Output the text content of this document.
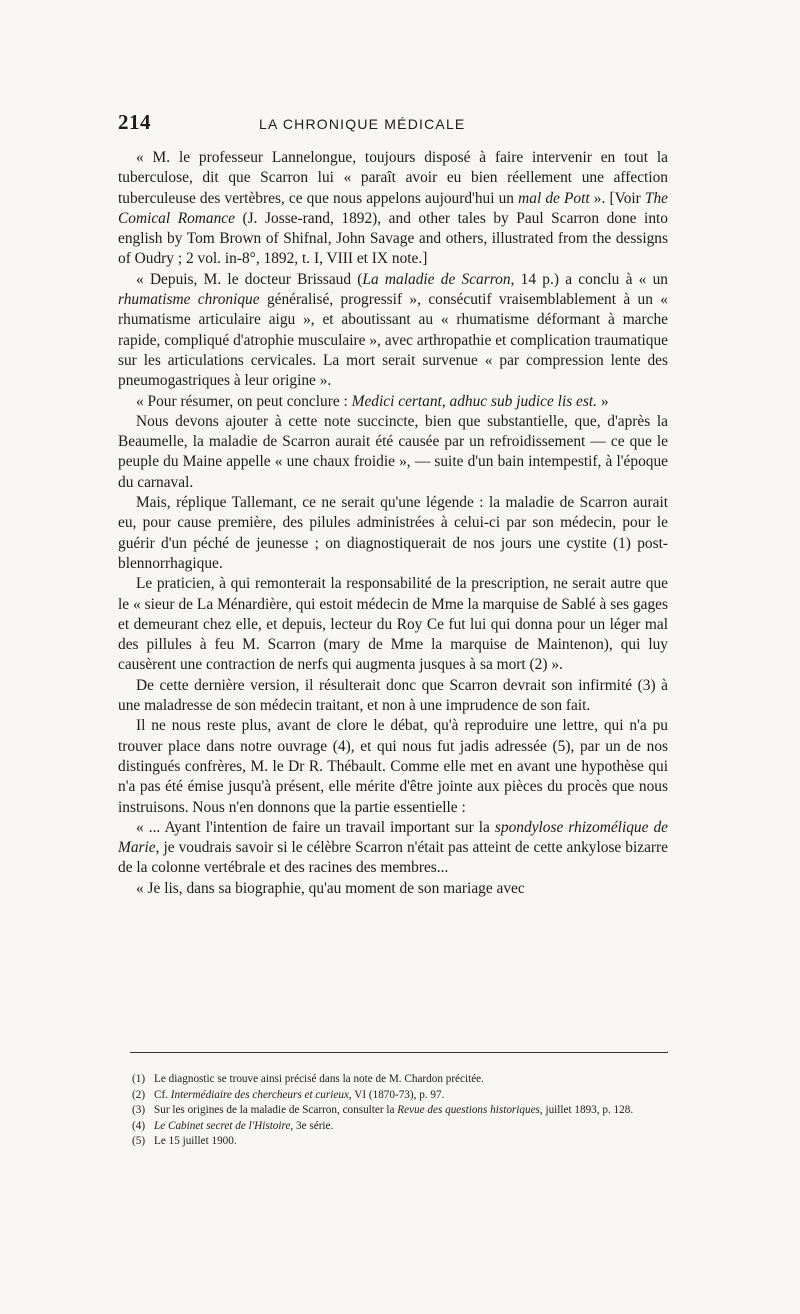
214	LA CHRONIQUE MÉDICALE

« M. le professeur Lannelongue, toujours disposé à faire intervenir en tout la tuberculose, dit que Scarron lui « paraît avoir eu bien réellement une affection tuberculeuse des vertèbres, ce que nous appelons aujourd'hui un mal de Pott ». [Voir The Comical Romance (J. Josse-rand, 1892), and other tales by Paul Scarron done into english by Tom Brown of Shifnal, John Savage and others, illustrated from the dessigns of Oudry ; 2 vol. in-8°, 1892, t. I, VIII et IX note.]

« Depuis, M. le docteur Brissaud (La maladie de Scarron, 14 p.) a conclu à « un rhumatisme chronique généralisé, progressif », consécutif vraisemblablement à un « rhumatisme articulaire aigu », et aboutissant au « rhumatisme déformant à marche rapide, compliqué d'atrophie musculaire », avec arthropathie et complication traumatique sur les articulations cervicales. La mort serait survenue « par compression lente des pneumogastriques à leur origine ».

« Pour résumer, on peut conclure : Medici certant, adhuc sub judice lis est. »

Nous devons ajouter à cette note succincte, bien que substantielle, que, d'après la Beaumelle, la maladie de Scarron aurait été causée par un refroidissement — ce que le peuple du Maine appelle « une chaux froidie », — suite d'un bain intempestif, à l'époque du carnaval.

Mais, réplique Tallemant, ce ne serait qu'une légende : la maladie de Scarron aurait eu, pour cause première, des pilules administrées à celui-ci par son médecin, pour le guérir d'un péché de jeunesse ; on diagnostiquerait de nos jours une cystite (1) post-blennorrhagique.

Le praticien, à qui remonterait la responsabilité de la prescription, ne serait autre que le « sieur de La Ménardière, qui estoit médecin de Mme la marquise de Sablé à ses gages et demeurant chez elle, et depuis, lecteur du Roy Ce fut lui qui donna pour un léger mal des pillules à feu M. Scarron (mary de Mme la marquise de Maintenon), qui luy causèrent une contraction de nerfs qui augmenta jusques à sa mort (2) ».

De cette dernière version, il résulterait donc que Scarron devrait son infirmité (3) à une maladresse de son médecin traitant, et non à une imprudence de son fait.

Il ne nous reste plus, avant de clore le débat, qu'à reproduire une lettre, qui n'a pu trouver place dans notre ouvrage (4), et qui nous fut jadis adressée (5), par un de nos distingués confrères, M. le Dr R. Thébault. Comme elle met en avant une hypothèse qui n'a pas été émise jusqu'à présent, elle mérite d'être jointe aux pièces du procès que nous instruisons. Nous n'en donnons que la partie essentielle :

« ... Ayant l'intention de faire un travail important sur la spondylose rhizomélique de Marie, je voudrais savoir si le célèbre Scarron n'était pas atteint de cette ankylose bizarre de la colonne vertébrale et des racines des membres...

« Je lis, dans sa biographie, qu'au moment de son mariage avec

(1) Le diagnostic se trouve ainsi précisé dans la note de M. Chardon précitée.

(2) Cf. Intermédiaire des chercheurs et curieux, VI (1870-73), p. 97.

(3) Sur les origines de la maladie de Scarron, consulter la Revue des questions historiques, juillet 1893, p. 128.

(4) Le Cabinet secret de l'Histoire, 3e série.

(5) Le 15 juillet 1900.
